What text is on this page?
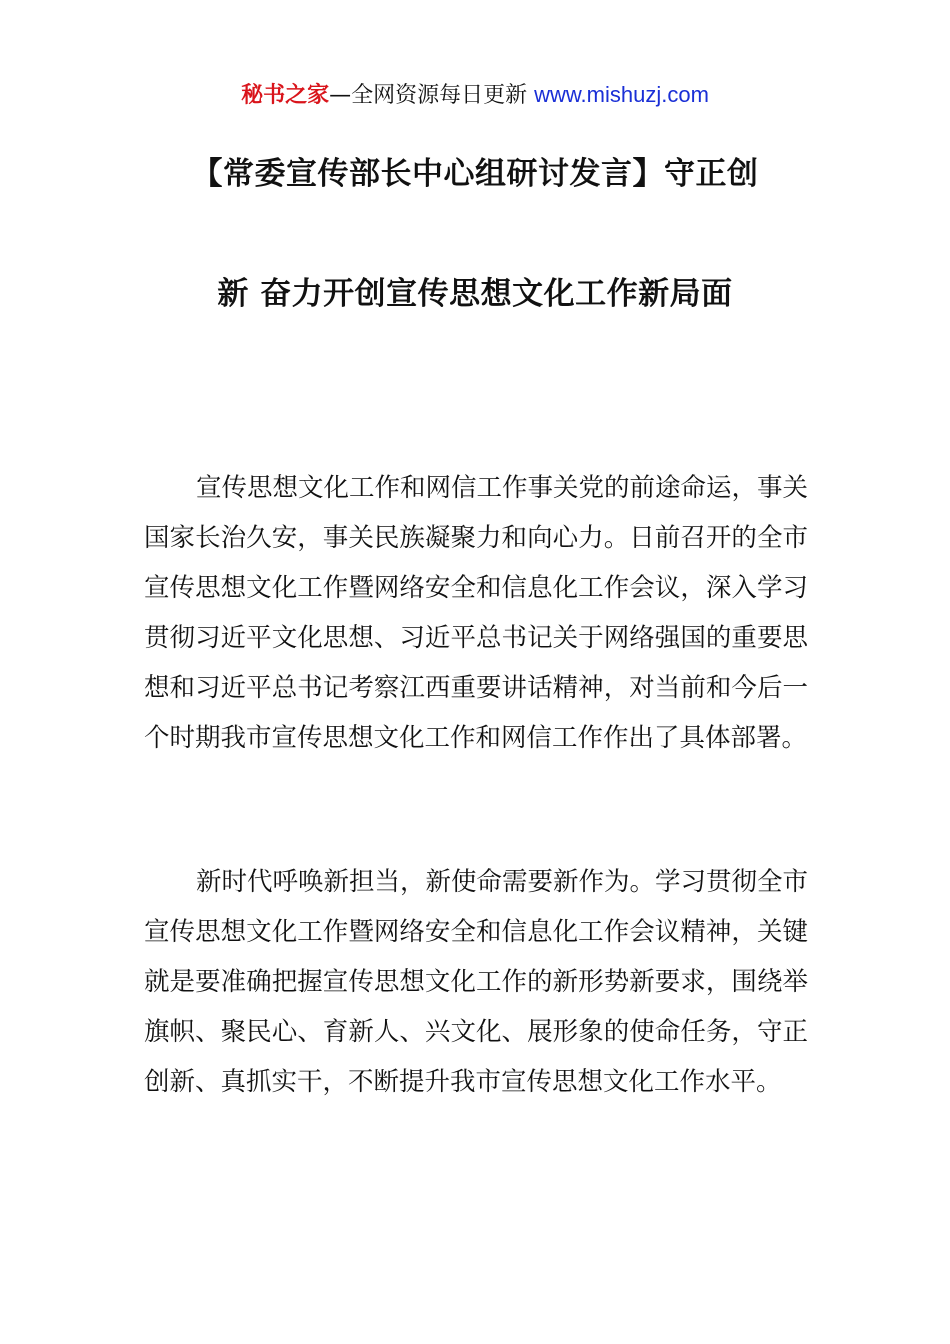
秘书之家—全网资源每日更新 www.mishuzj.com
【常委宣传部长中心组研讨发言】守正创
新 奋力开创宣传思想文化工作新局面

宣传思想文化工作和网信工作事关党的前途命运，事关国家长治久安，事关民族凝聚力和向心力。日前召开的全市宣传思想文化工作暨网络安全和信息化工作会议，深入学习贯彻习近平文化思想、习近平总书记关于网络强国的重要思想和习近平总书记考察江西重要讲话精神，对当前和今后一个时期我市宣传思想文化工作和网信工作作出了具体部署。

新时代呼唤新担当，新使命需要新作为。学习贯彻全市宣传思想文化工作暨网络安全和信息化工作会议精神，关键就是要准确把握宣传思想文化工作的新形势新要求，围绕举旗帜、聚民心、育新人、兴文化、展形象的使命任务，守正创新、真抓实干，不断提升我市宣传思想文化工作水平。
